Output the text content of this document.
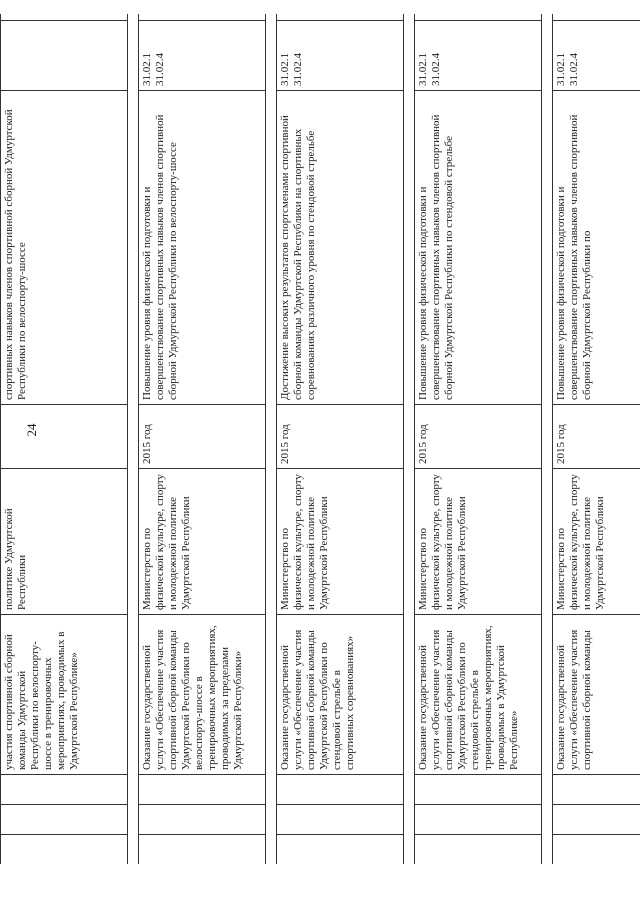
24
участия спортивной сборной команды Удмуртской Республики по велоспорту-шоссе в тренировочных мероприятиях, проводимых в Удмуртской Республике»
политике Удмуртской Республики
спортивных навыков членов спортивной сборной Удмуртской Республики по велоспорту-шоссе
Оказание государственной услуги «Обеспечение участия спортивной сборной команды Удмуртской Республики по велоспорту-шоссе в тренировочных мероприятиях, проводимых за пределами Удмуртской Республики»
Министерство по физической культуре, спорту и молодежной политике Удмуртской Республики
2015 год
Повышение уровня физической подготовки и совершенствование спортивных навыков членов спортивной сборной Удмуртской Республики по велоспорту-шоссе
31.02.1
31.02.4
Оказание государственной услуги «Обеспечение участия спортивной сборной команды Удмуртской Республики по стендовой стрельбе в спортивных соревнованиях»
Министерство по физической культуре, спорту и молодежной политике Удмуртской Республики
2015 год
Достижение высоких результатов спортсменами спортивной сборной команды Удмуртской Республики на спортивных соревнованиях различного уровня по стендовой стрельбе
31.02.1
31.02.4
Оказание государственной услуги «Обеспечение участия спортивной сборной команды Удмуртской Республики по стендовой стрельбе в тренировочных мероприятиях, проводимых в Удмуртской Республике»
Министерство по физической культуре, спорту и молодежной политике Удмуртской Республики
2015 год
Повышение уровня физической подготовки и совершенствование спортивных навыков членов спортивной сборной Удмуртской Республики по стендовой стрельбе
31.02.1
31.02.4
Оказание государственной услуги «Обеспечение участия спортивной сборной команды
Министерство по физической культуре, спорту и молодежной политике Удмуртской Республики
2015 год
Повышение уровня физической подготовки и совершенствование спортивных навыков членов спортивной сборной Удмуртской Республики по
31.02.1
31.02.4
